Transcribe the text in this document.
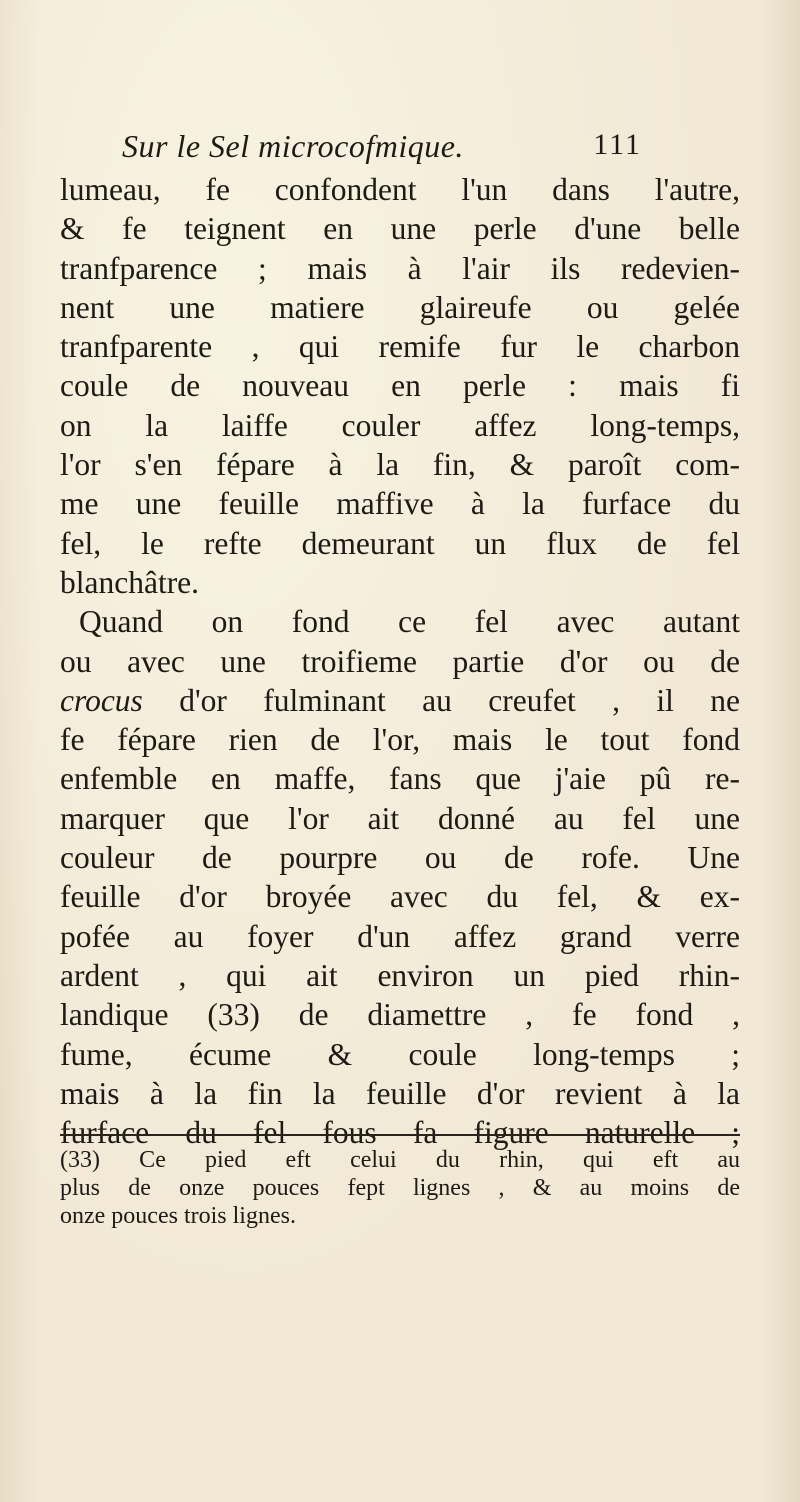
Sur le Sel microcofmique.	111
lumeau, fe confondent l'un dans l'autre,
& fe teignent en une perle d'une belle
tranfparence ; mais à l'air ils redevien-
nent une matiere glaireufe ou gelée
tranfparente , qui remife fur le charbon
coule de nouveau en perle : mais fi
on la laiffe couler affez long-temps,
l'or s'en fépare à la fin, & paroît com-
me une feuille maffive à la furface du
fel, le refte demeurant un flux de fel
blanchâtre.
Quand on fond ce fel avec autant
ou avec une troifieme partie d'or ou de
crocus d'or fulminant au creufet , il ne
fe fépare rien de l'or, mais le tout fond
enfemble en maffe, fans que j'aie pû re-
marquer que l'or ait donné au fel une
couleur de pourpre ou de rofe. Une
feuille d'or broyée avec du fel, & ex-
pofée au foyer d'un affez grand verre
ardent , qui ait environ un pied rhin-
landique (33) de diamettre , fe fond ,
fume, écume & coule long-temps ;
mais à la fin la feuille d'or revient à la
furface du fel fous fa figure naturelle ;
(33) Ce pied eft celui du rhin, qui eft au
plus de onze pouces fept lignes , & au moins de
onze pouces trois lignes.
